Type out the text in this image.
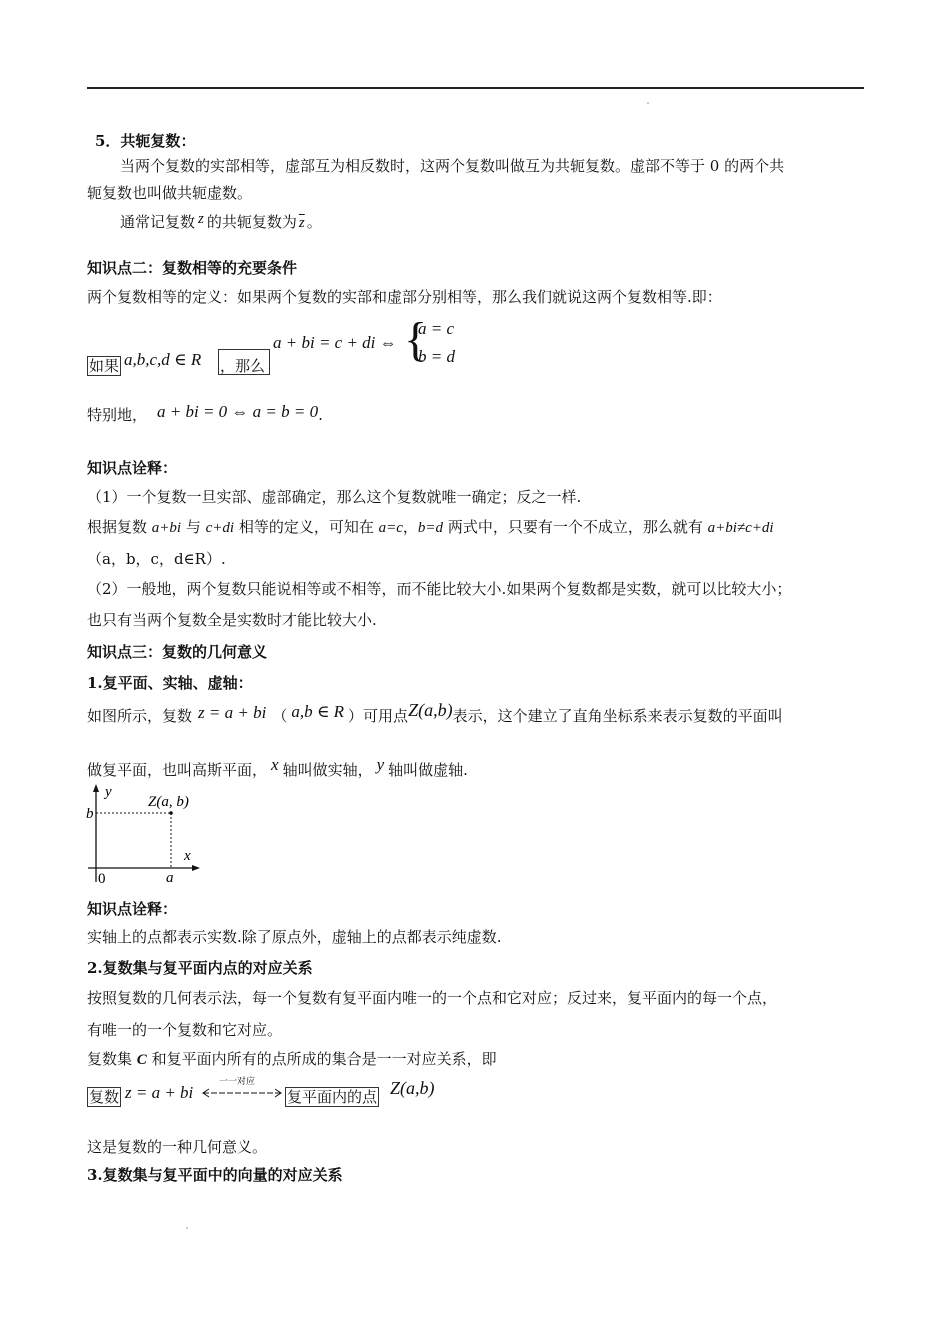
5．共轭复数：
当两个复数的实部相等，虚部互为相反数时，这两个复数叫做互为共轭复数。虚部不等于 0 的两个共
轭复数也叫做共轭虚数。
通常记复数 z 的共轭复数为 $\overline{z}$ 。
知识点二：复数相等的充要条件
两个复数相等的定义：如果两个复数的实部和虚部分别相等，那么我们就说这两个复数相等.即：
如果 a,b,c,d ∈ R ，那么
a + bi = c + di ⇔ {
a = c
b = d
特别地， a + bi = 0 ⇔ a = b = 0.
知识点诠释：
（1）一个复数一旦实部、虚部确定，那么这个复数就唯一确定；反之一样.
根据复数 a+bi 与 c+di 相等的定义，可知在 a=c，b=d 两式中，只要有一个不成立，那么就有 a+bi≠c+di
（a，b，c，d∈R）.
（2）一般地，两个复数只能说相等或不相等，而不能比较大小.如果两个复数都是实数，就可以比较大小；
也只有当两个复数全是实数时才能比较大小.
知识点三：复数的几何意义
1.复平面、实轴、虚轴：
如图所示，复数 z = a + bi （ a,b ∈ R ）可用点Z(a,b)表示，这个建立了直角坐标系来表示复数的平面叫
做复平面，也叫高斯平面， x 轴叫做实轴， y 轴叫做虚轴.
y
x
b
a
0
Z(a, b)
知识点诠释：
实轴上的点都表示实数.除了原点外，虚轴上的点都表示纯虚数.
2.复数集与复平面内点的对应关系
按照复数的几何表示法，每一个复数有复平面内唯一的一个点和它对应；反过来，复平面内的每一个点，
有唯一的一个复数和它对应。
复数集 C 和复平面内所有的点所成的集合是一一对应关系，即
复数 z = a + bi
一一对应
复平面内的点 Z(a,b)
这是复数的一种几何意义。
3.复数集与复平面中的向量的对应关系
